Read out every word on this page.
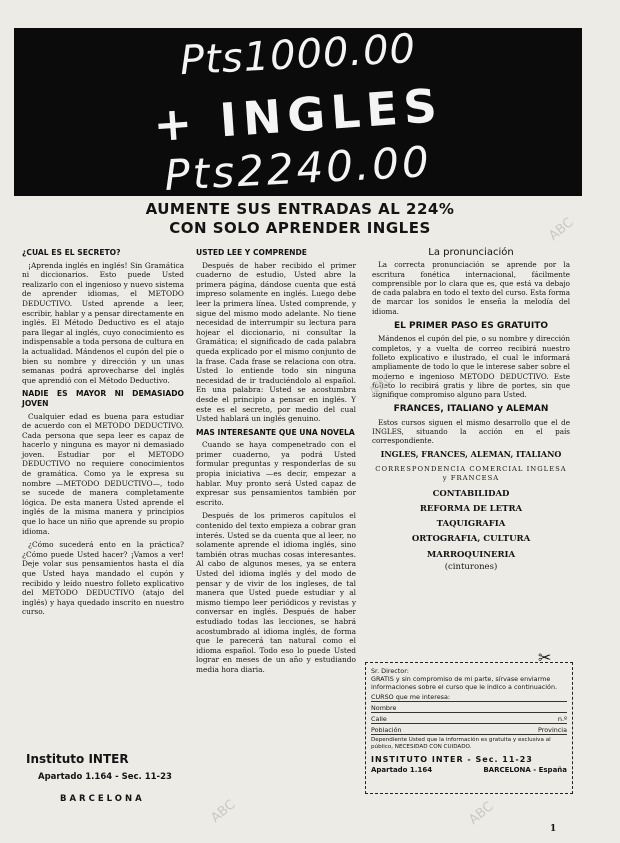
Pts1000.00
+ INGLES
Pts2240.00
AUMENTE SUS ENTRADAS AL 224%
CON SOLO APRENDER INGLES
¿CUAL ES EL SECRETO?

¡Aprenda inglés en inglés! Sin Gramática ni diccionarios. Esto puede Usted realizarlo con el ingenioso y nuevo sistema de aprender idiomas, el METODO DEDUCTIVO. Usted aprende a leer, escribir, hablar y a pensar directamente en inglés. El Método Deductivo es el atajo para llegar al inglés, cuyo conocimiento es indispensable a toda persona de cultura en la actualidad. Mándenos el cupón del pie o bien su nombre y dirección y un unas semanas podrá aprovecharse del inglés que aprendió con el Método Deductivo.

NADIE ES MAYOR NI DEMASIADO JOVEN

Cualquier edad es buena para estudiar de acuerdo con el METODO DEDUCTIVO. Cada persona que sepa leer es capaz de hacerlo y ninguna es mayor ni demasiado joven. Estudiar por el METODO DEDUCTIVO no requiere conocimientos de gramática. Como ya le expresa su nombre —METODO DEDUCTIVO—, todo se sucede de manera completamente lógica. De esta manera Usted aprende el inglés de la misma manera y principios que lo hace un niño que aprende su propio idioma.

¿Cómo sucederá ento en la práctica? ¿Cómo puede Usted hacer? ¡Vamos a ver! Deje volar sus pensamientos hasta el día que Usted haya mandado el cupón y recibido y leído nuestro folleto explicativo del METODO DEDUCTIVO (atajo del inglés) y haya quedado inscrito en nuestro curso.

Instituto INTER
Apartado 1.164 - Sec. 11-23
BARCELONA
USTED LEE Y COMPRENDE

Después de haber recibido el primer cuaderno de estudio, Usted abre la primera página, dándose cuenta que está impreso solamente en inglés. Luego debe leer la primera línea. Usted comprende, y sigue del mismo modo adelante. No tiene necesidad de interrumpir su lectura para hojear el diccionario, ni consultar la Gramática; el significado de cada palabra queda explicado por el mismo conjunto de la frase. Cada frase se relaciona con otra. Usted lo entiende todo sin ninguna necesidad de ir traduciéndolo al español. En una palabra: Usted se acostumbra desde el principio a pensar en inglés. Y este es el secreto, por medio del cual Usted hablará un inglés genuino.

MAS INTERESANTE QUE UNA NOVELA

Cuando se haya compenetrado con el primer cuaderno, ya podrá Usted formular preguntas y responderlas de su propia iniciativa —es decir, empezar a hablar. Muy pronto será Usted capaz de expresar sus pensamientos también por escrito.

Después de los primeros capítulos el contenido del texto empieza a cobrar gran interés. Usted se da cuenta que al leer, no solamente aprende el idioma inglés, sino también otras muchas cosas interesantes. Al cabo de algunos meses, ya se entera Usted del idioma inglés y del modo de pensar y de vivir de los ingleses, de tal manera que Usted puede estudiar y al mismo tiempo leer periódicos y revistas y conversar en inglés. Después de haber estudiado todas las lecciones, se habrá acostumbrado al idioma inglés, de forma que le parecerá tan natural como el idioma español. Todo eso lo puede Usted lograr en meses de un año y estudiando media hora diaria.

La pronunciación

La correcta pronunciación se aprende por la escritura fonética internacional, fácilmente comprensible por lo clara que es, que está va debajo de cada palabra en todo el texto del curso. Esta forma de marcar los sonidos le enseña la melodía del idioma.

EL PRIMER PASO ES GRATUITO

Mándenos el cupón del pie, o su nombre y dirección completos, y a vuelta de correo recibirá nuestro folleto explicativo e ilustrado, el cual le informará ampliamente de todo lo que le interese saber sobre el moderno e ingenioso METODO DEDUCTIVO. Este folleto lo recibirá gratis y libre de portes, sin que signifique compromiso alguno para Usted.

FRANCES, ITALIANO y ALEMAN

Estos cursos siguen el mismo desarrollo que el de INGLES, situando la acción en el país correspondiente.

INGLES, FRANCES, ALEMAN, ITALIANO
CORRESPONDENCIA COMERCIAL INGLESA y FRANCESA
CONTABILIDAD
REFORMA DE LETRA
TAQUIGRAFIA
ORTOGRAFIA, CULTURA
MARROQUINERIA
(cinturones)
Sr. Director:
GRATIS y sin compromiso de mi parte, sírvase enviarme informaciones sobre el curso que le indico a continuación.
CURSO que me interesa:
Nombre
Calle	n.º
Población	Provincia
Dependiente Usted que la información es gratuita y exclusiva al público, NECESIDAD CON CUIDADO.
INSTITUTO INTER - Sec. 11-23
Apartado 1.164	BARCELONA - España
✂
ABC
ABC
ABC	ABC
1
